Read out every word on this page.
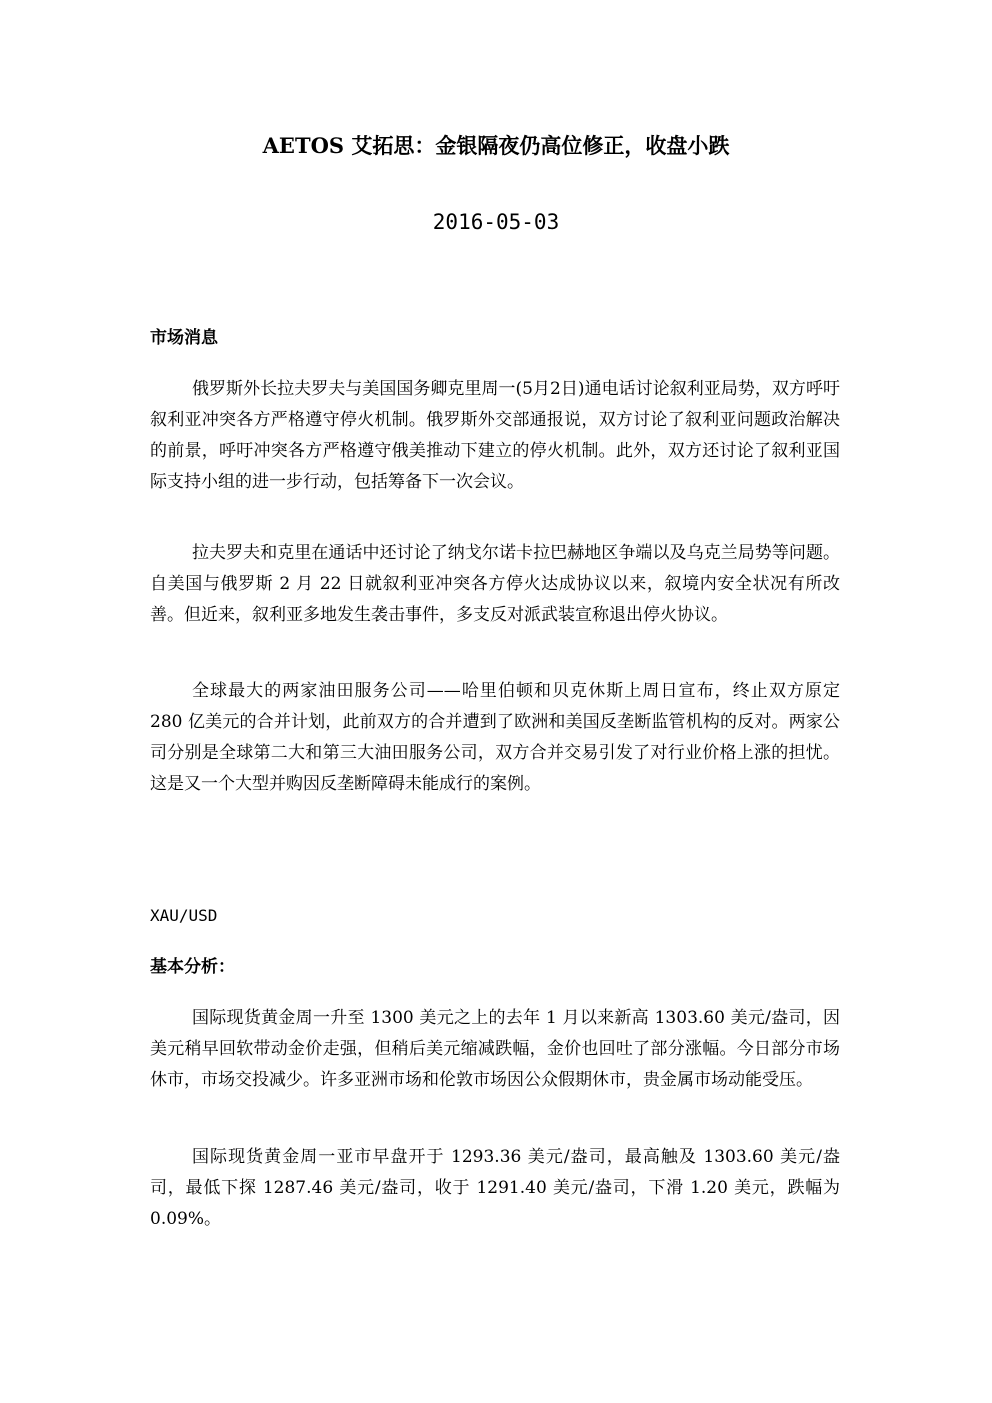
AETOS 艾拓思：金银隔夜仍高位修正，收盘小跌
2016-05-03
市场消息

俄罗斯外长拉夫罗夫与美国国务卿克里周一(5月2日)通电话讨论叙利亚局势，双方呼吁叙利亚冲突各方严格遵守停火机制。俄罗斯外交部通报说，双方讨论了叙利亚问题政治解决的前景，呼吁冲突各方严格遵守俄美推动下建立的停火机制。此外，双方还讨论了叙利亚国际支持小组的进一步行动，包括筹备下一次会议。

拉夫罗夫和克里在通话中还讨论了纳戈尔诺卡拉巴赫地区争端以及乌克兰局势等问题。自美国与俄罗斯 2 月 22 日就叙利亚冲突各方停火达成协议以来，叙境内安全状况有所改善。但近来，叙利亚多地发生袭击事件，多支反对派武装宣称退出停火协议。

全球最大的两家油田服务公司——哈里伯顿和贝克休斯上周日宣布，终止双方原定 280 亿美元的合并计划，此前双方的合并遭到了欧洲和美国反垄断监管机构的反对。两家公司分别是全球第二大和第三大油田服务公司，双方合并交易引发了对行业价格上涨的担忧。这是又一个大型并购因反垄断障碍未能成行的案例。

XAU/USD
基本分析：

国际现货黄金周一升至 1300 美元之上的去年 1 月以来新高 1303.60 美元/盎司，因美元稍早回软带动金价走强，但稍后美元缩减跌幅，金价也回吐了部分涨幅。今日部分市场休市，市场交投减少。许多亚洲市场和伦敦市场因公众假期休市，贵金属市场动能受压。

国际现货黄金周一亚市早盘开于 1293.36 美元/盎司，最高触及 1303.60 美元/盎司，最低下探 1287.46 美元/盎司，收于 1291.40 美元/盎司，下滑 1.20 美元，跌幅为 0.09%。
